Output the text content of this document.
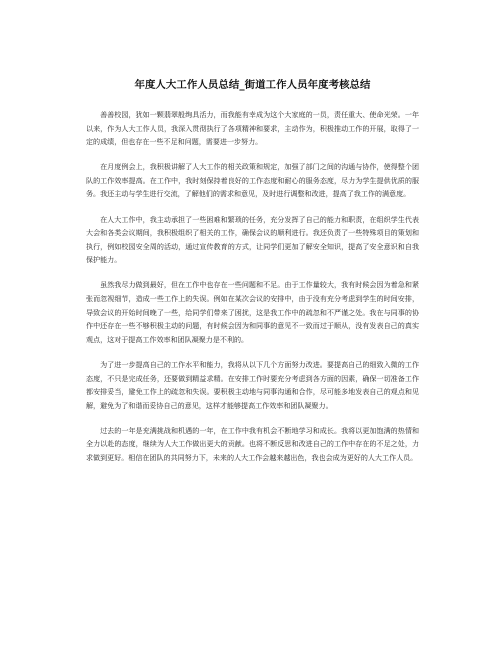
年度人大工作人员总结_街道工作人员年度考核总结

善善校园，犹如一颗翡翠般绚具活力，而我能有幸成为这个大家庭的一员，责任重大、使命光荣。一年以来，作为人大工作人员，我深入贯彻执行了各项精神和要求，主动作为，积极推动工作的开展，取得了一定的成绩，但也存在一些不足和问题，需要进一步努力。

在月度例会上，我积极讲解了人大工作的相关政策和规定，加强了部门之间的沟通与协作，使得整个团队的工作效率提高。在工作中，我时刻保持着良好的工作态度和耐心的服务态度，尽力为学生提供优质的服务。我还主动与学生进行交流，了解他们的需求和意见，及时进行调整和改进，提高了我工作的满意度。

在人大工作中，我主动承担了一些困难和繁琐的任务，充分发挥了自己的能力和职责，在组织学生代表大会和各类会议期间，我积极组织了相关的工作，确保会议的顺利进行。我还负责了一些特殊项目的策划和执行，例如校园安全周的活动，通过宣传教育的方式，让同学们更加了解安全知识，提高了安全意识和自我保护能力。

虽然我尽力做到最好，但在工作中也存在一些问题和不足。由于工作量较大，我有时候会因为着急和紧张而忽视细节，造成一些工作上的失误。例如在某次会议的安排中，由于没有充分考虑到学生的时间安排，导致会议的开始时间晚了一些，给同学们带来了困扰，这是我工作中的疏忽和不严谨之处。我在与同事的协作中还存在一些不够积极主动的问题，有时候会因为和同事的意见不一致而过于顺从，没有发表自己的真实观点，这对于提高工作效率和团队凝聚力是不利的。

为了进一步提高自己的工作水平和能力，我将从以下几个方面努力改进。要提高自己的细致入微的工作态度，不只是完成任务，还要做到精益求精。在安排工作时要充分考虑到各方面的因素，确保一切准备工作都安排妥当，避免工作上的疏忽和失误。要积极主动地与同事沟通和合作，尽可能多地发表自己的观点和见解，避免为了和谐而妥协自己的意见，这样才能够提高工作效率和团队凝聚力。

过去的一年是充满挑战和机遇的一年，在工作中我有机会不断地学习和成长。我将以更加饱满的热情和全力以赴的态度，继续为人大工作做出更大的贡献。也将不断反思和改进自己的工作中存在的不足之处，力求做到更好。相信在团队的共同努力下，未来的人大工作会越来越出色，我也会成为更好的人大工作人员。
